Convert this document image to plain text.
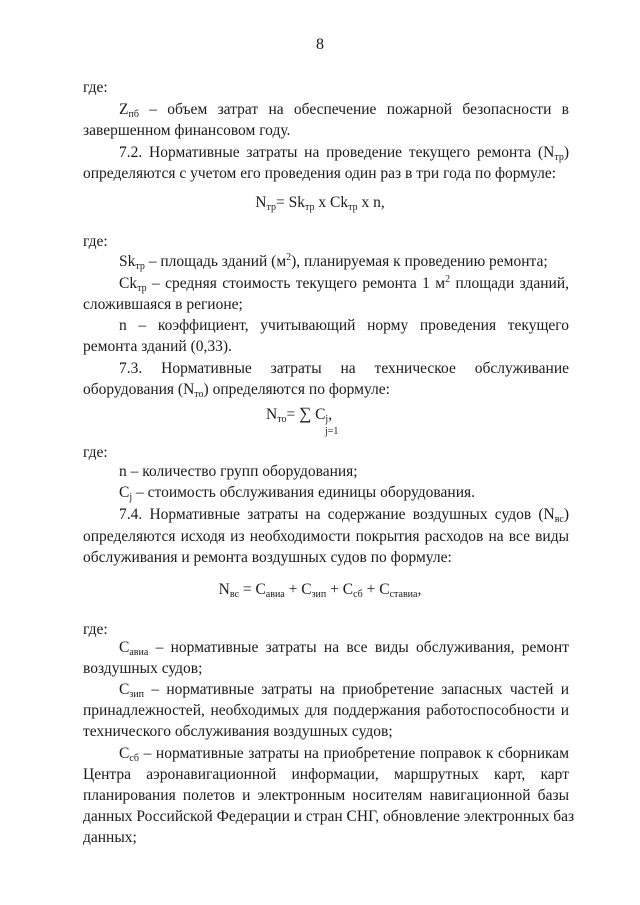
8
где:
$Z_{пб}$ – объем затрат на обеспечение пожарной безопасности в
завершенном финансовом году.
7.2. Нормативные затраты на проведение текущего ремонта $(N_{тр})$
определяются с учетом его проведения один раз в три года по формуле:
$N_{тр}= Sk_{тр}$ x $Ck_{тр}$ x n,
где:
$Sk_{тр}$ – площадь зданий $(м^2)$, планируемая к проведению ремонта;
$Ck_{тр}$ – средняя стоимость текущего ремонта 1 $м^2$ площади зданий,
сложившаяся в регионе;
n – коэффициент, учитывающий норму проведения текущего
ремонта зданий (0,33).
7.3. Нормативные затраты на техническое обслуживание
оборудования $(N_{то})$ определяются по формуле:
$N_{то}=$ ∑ $C_j$,
j=1
где:
n – количество групп оборудования;
$C_j$ – стоимость обслуживания единицы оборудования.
7.4. Нормативные затраты на содержание воздушных судов $(N_{вс})$
определяются исходя из необходимости покрытия расходов на все виды
обслуживания и ремонта воздушных судов по формуле:
$N_{вс} = C_{авиа} + C_{зип} + C_{сб} + C_{ставиа}$,
где:
$C_{авиа}$ – нормативные затраты на все виды обслуживания, ремонт
воздушных судов;
$C_{зип}$ – нормативные затраты на приобретение запасных частей и
принадлежностей, необходимых для поддержания работоспособности и
технического обслуживания воздушных судов;
$C_{сб}$ – нормативные затраты на приобретение поправок к сборникам
Центра аэронавигационной информации, маршрутных карт, карт
планирования полетов и электронным носителям навигационной базы
данных Российской Федерации и стран СНГ, обновление электронных баз
данных;
